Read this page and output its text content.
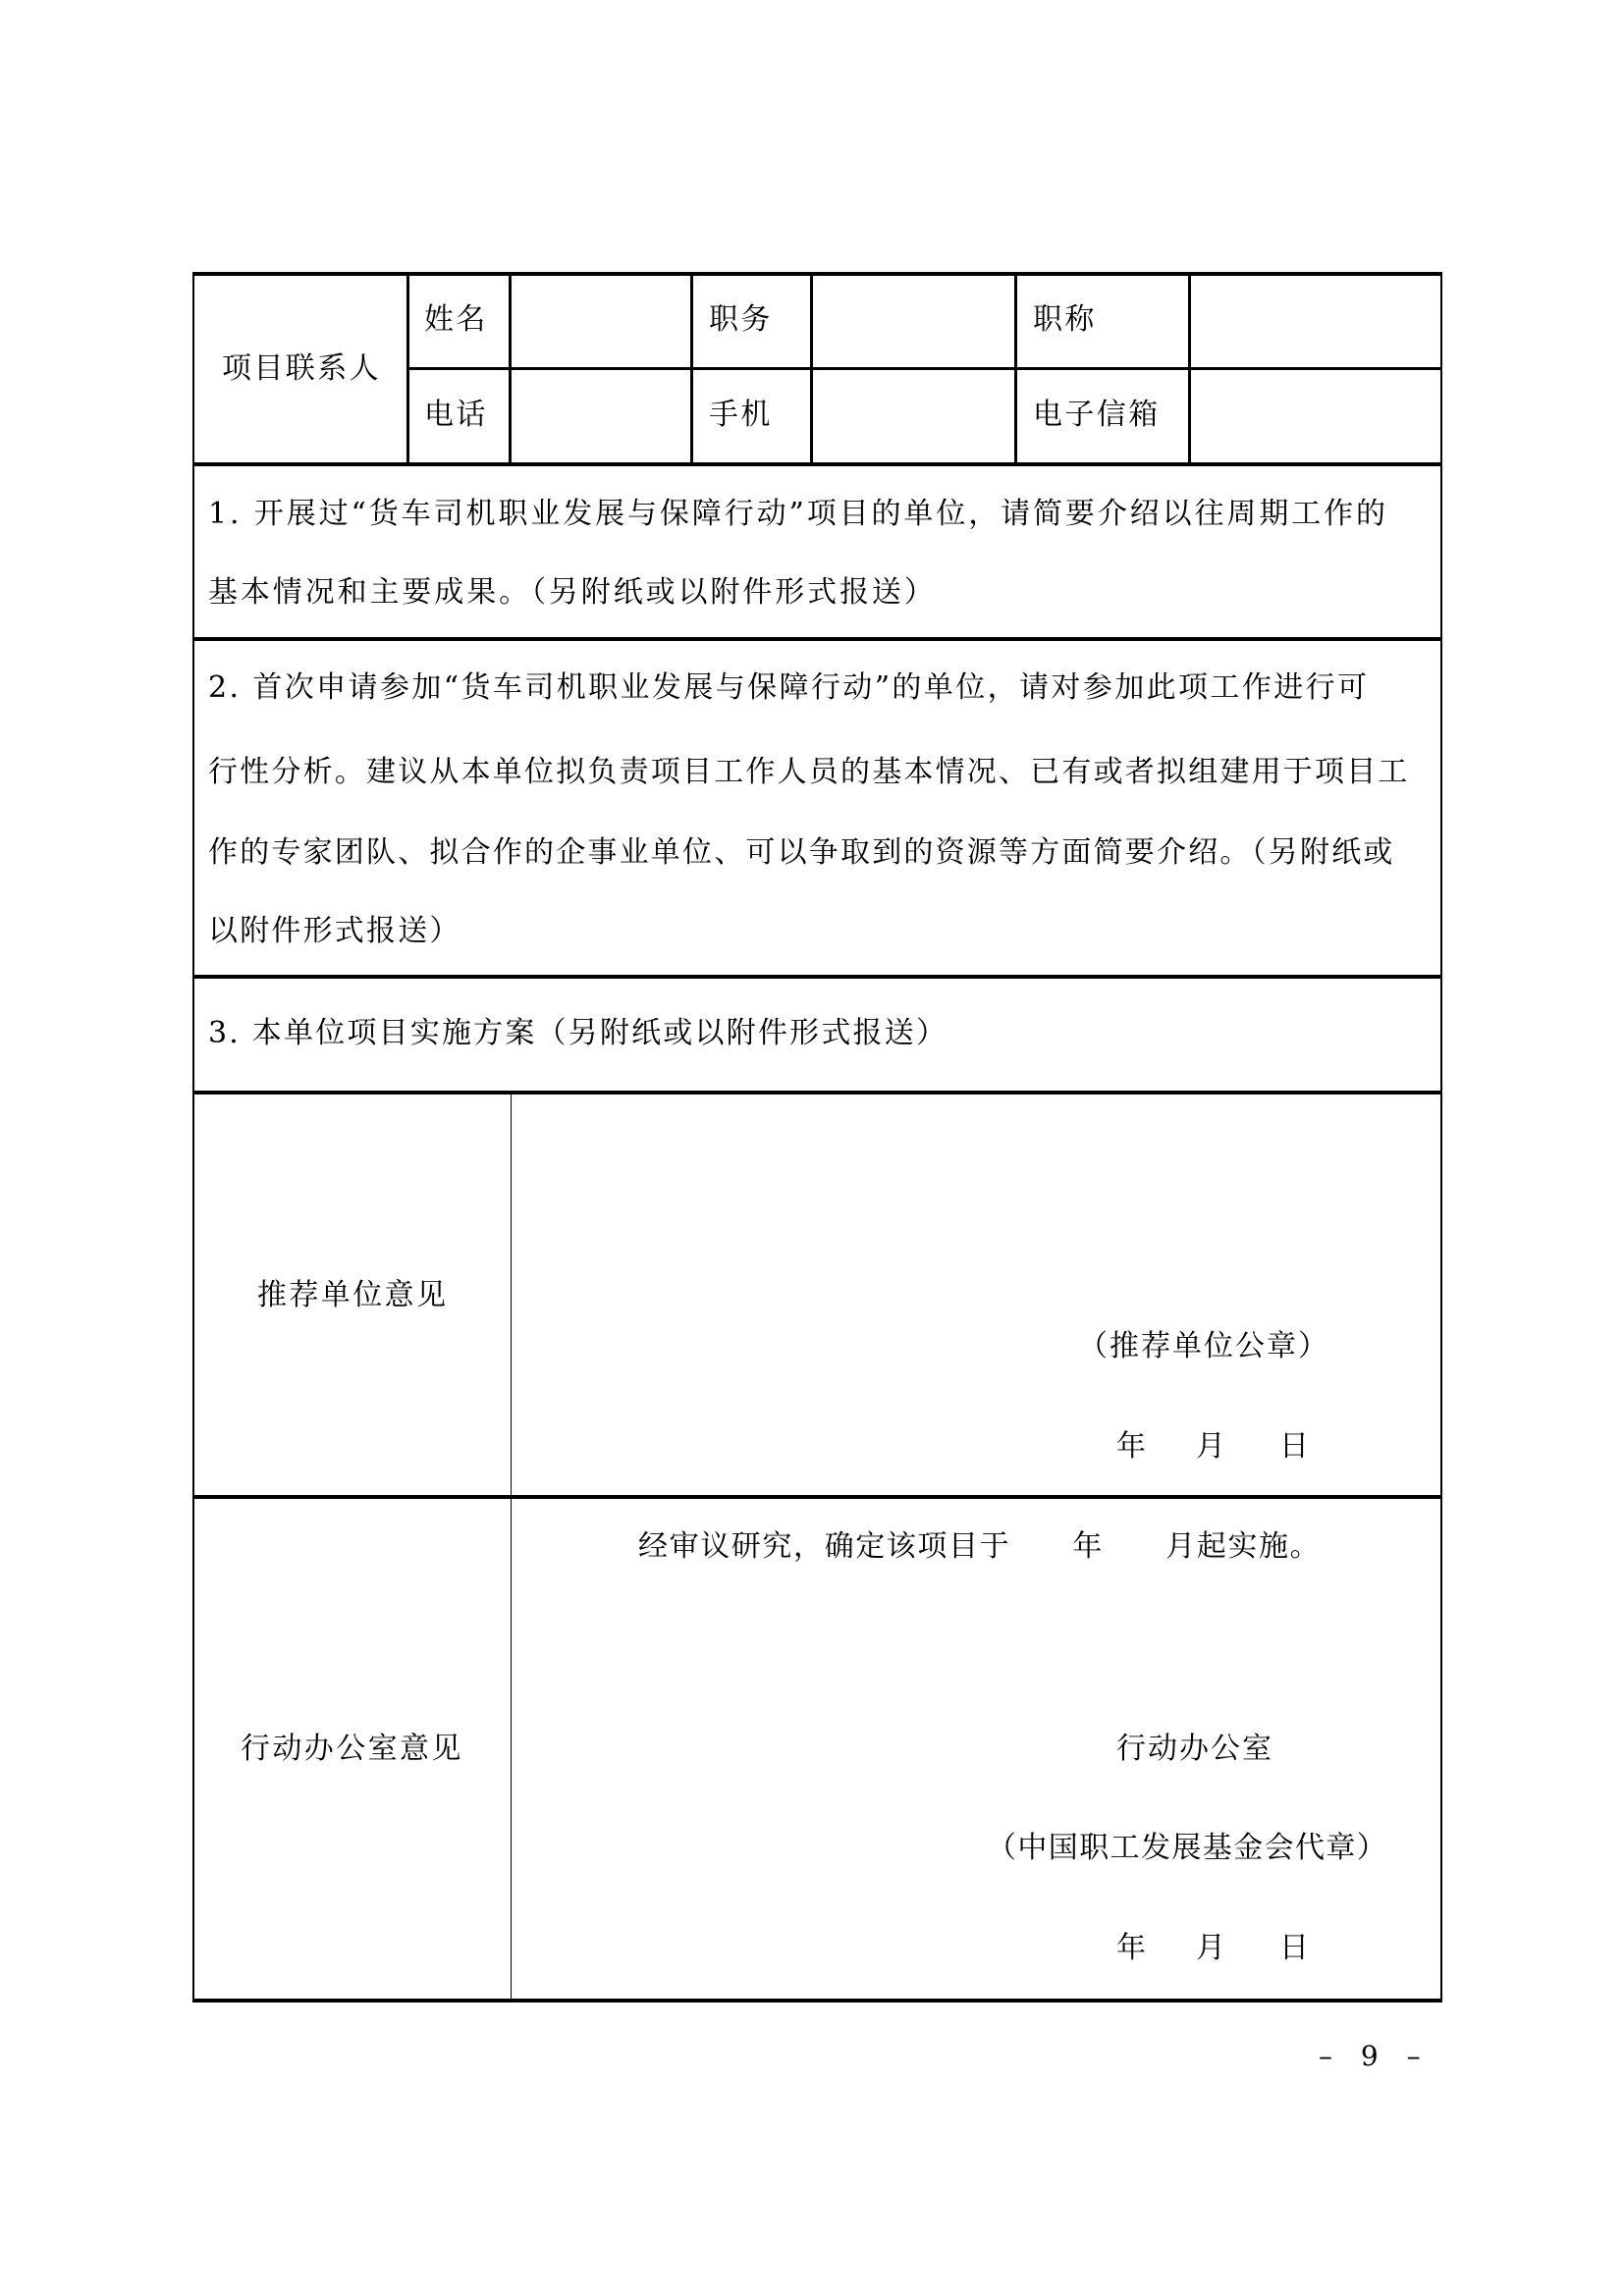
项目联系人
姓名	职务	职称
电话	手机	电子信箱
1. 开展过“货车司机职业发展与保障行动”项目的单位，请简要介绍以往周期工作的
基本情况和主要成果。（另附纸或以附件形式报送）
2. 首次申请参加“货车司机职业发展与保障行动”的单位，请对参加此项工作进行可
行性分析。建议从本单位拟负责项目工作人员的基本情况、已有或者拟组建用于项目工
作的专家团队、拟合作的企事业单位、可以争取到的资源等方面简要介绍。（另附纸或
以附件形式报送）
3. 本单位项目实施方案（另附纸或以附件形式报送）
推荐单位意见
（推荐单位公章）
年 月 日
行动办公室意见
经审议研究，确定该项目于　　年　　月起实施。
行动办公室
（中国职工发展基金会代章）
年 月 日
– 9 –
